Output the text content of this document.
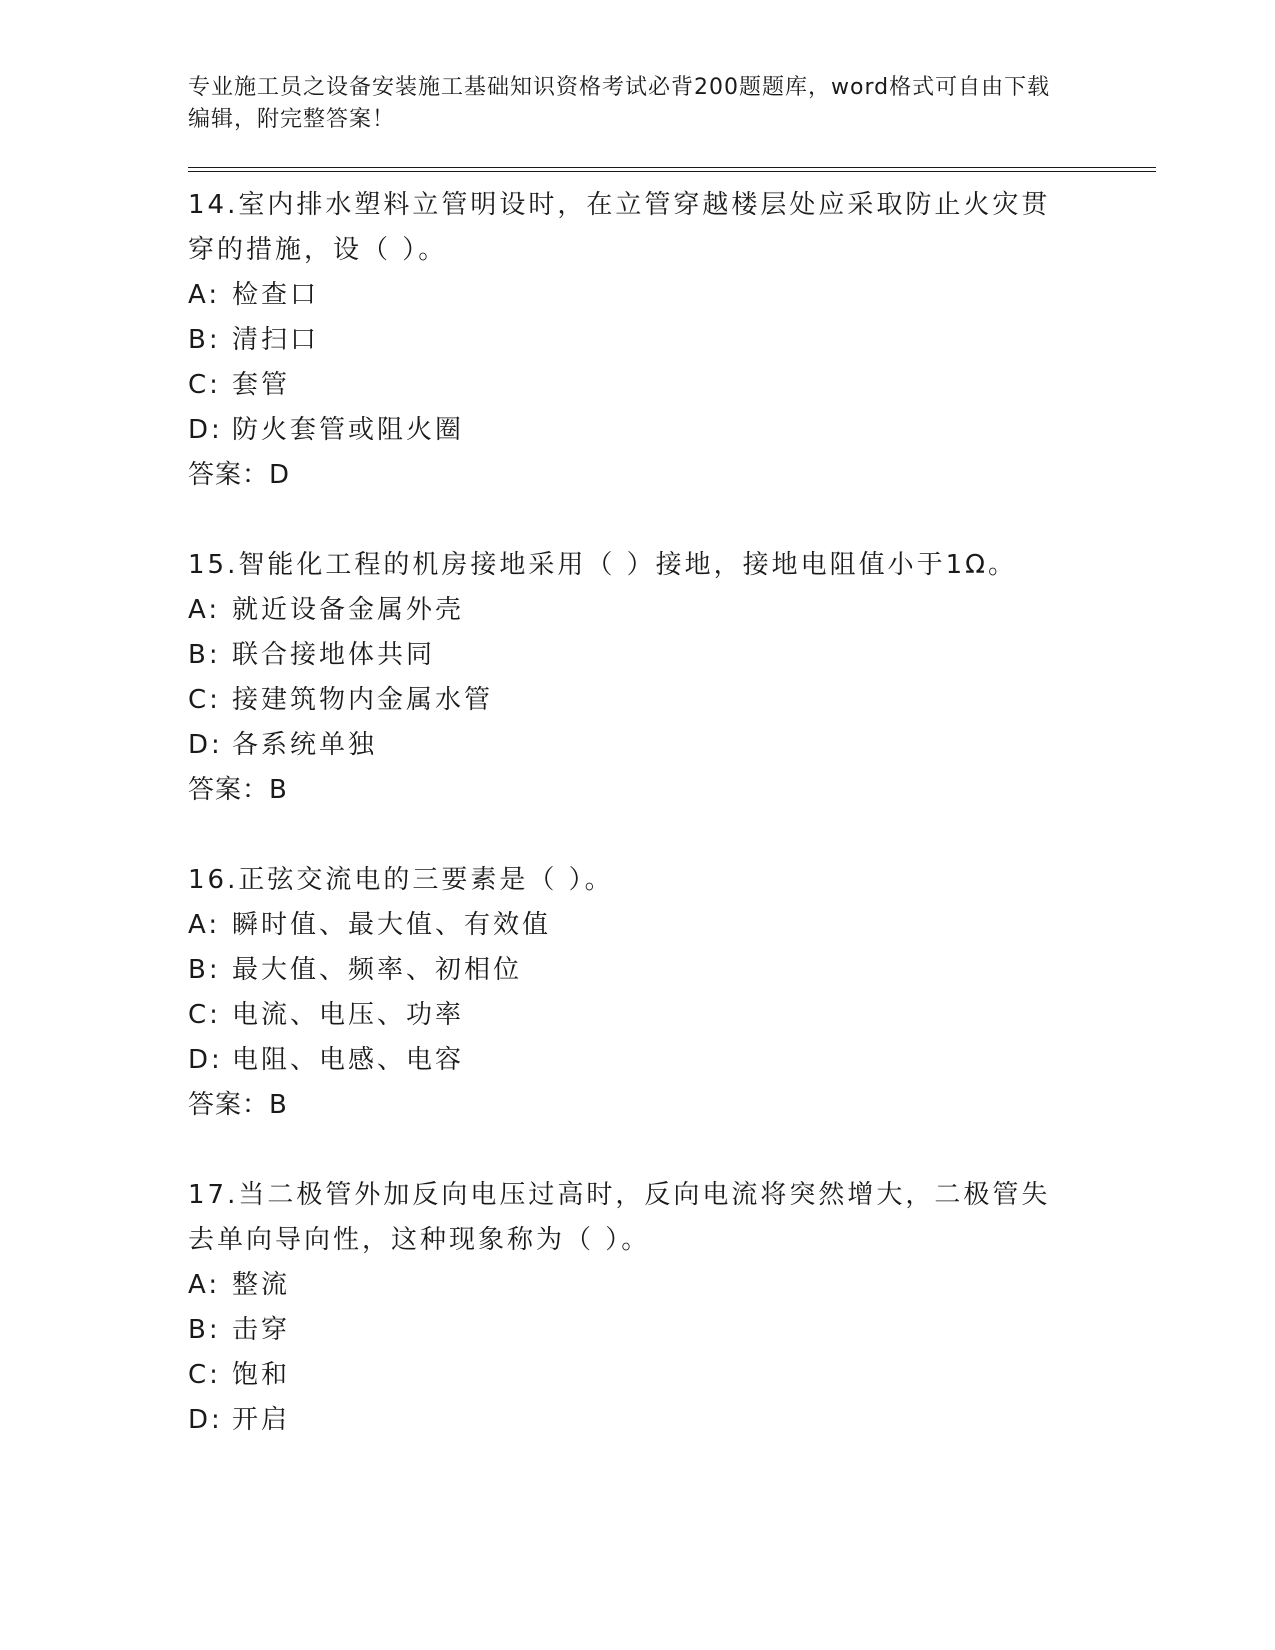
专业施工员之设备安装施工基础知识资格考试必背200题题库，word格式可自由下载编辑，附完整答案！

14.室内排水塑料立管明设时，在立管穿越楼层处应采取防止火灾贯穿的措施，设（ ）。

A: 检查口
B: 清扫口
C: 套管
D: 防火套管或阻火圈
答案：D

15.智能化工程的机房接地采用（ ）接地，接地电阻值小于1Ω。

A: 就近设备金属外壳
B: 联合接地体共同
C: 接建筑物内金属水管
D: 各系统单独
答案：B

16.正弦交流电的三要素是（ ）。

A: 瞬时值、最大值、有效值
B: 最大值、频率、初相位
C: 电流、电压、功率
D: 电阻、电感、电容
答案：B

17.当二极管外加反向电压过高时，反向电流将突然增大，二极管失去单向导向性，这种现象称为（ ）。

A: 整流
B: 击穿
C: 饱和
D: 开启
